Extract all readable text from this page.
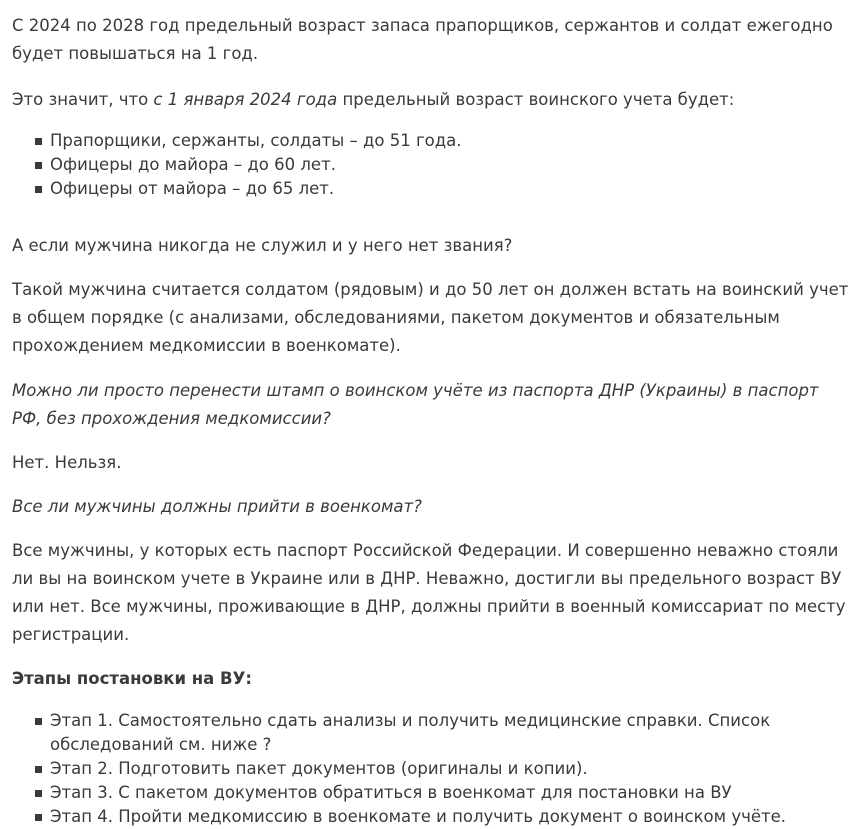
С 2024 по 2028 год предельный возраст запаса прапорщиков, сержантов и солдат ежегодно будет повышаться на 1 год.

Это значит, что с 1 января 2024 года предельный возраст воинского учета будет:

Прапорщики, сержанты, солдаты – до 51 года.
Офицеры до майора – до 60 лет.
Офицеры от майора – до 65 лет.

А если мужчина никогда не служил и у него нет звания?

Такой мужчина считается солдатом (рядовым) и до 50 лет он должен встать на воинский учет в общем порядке (с анализами, обследованиями, пакетом документов и обязательным прохождением медкомиссии в военкомате).

Можно ли просто перенести штамп о воинском учёте из паспорта ДНР (Украины) в паспорт РФ, без прохождения медкомиссии?

Нет. Нельзя.

Все ли мужчины должны прийти в военкомат?

Все мужчины, у которых есть паспорт Российской Федерации. И совершенно неважно стояли ли вы на воинском учете в Украине или в ДНР. Неважно, достигли вы предельного возраст ВУ или нет. Все мужчины, проживающие в ДНР, должны прийти в военный комиссариат по месту регистрации.

Этапы постановки на ВУ:

Этап 1. Самостоятельно сдать анализы и получить медицинские справки. Список обследований см. ниже ?
Этап 2. Подготовить пакет документов (оригиналы и копии).
Этап 3. С пакетом документов обратиться в военкомат для постановки на ВУ
Этап 4. Пройти медкомиссию в военкомате и получить документ о воинском учёте.
